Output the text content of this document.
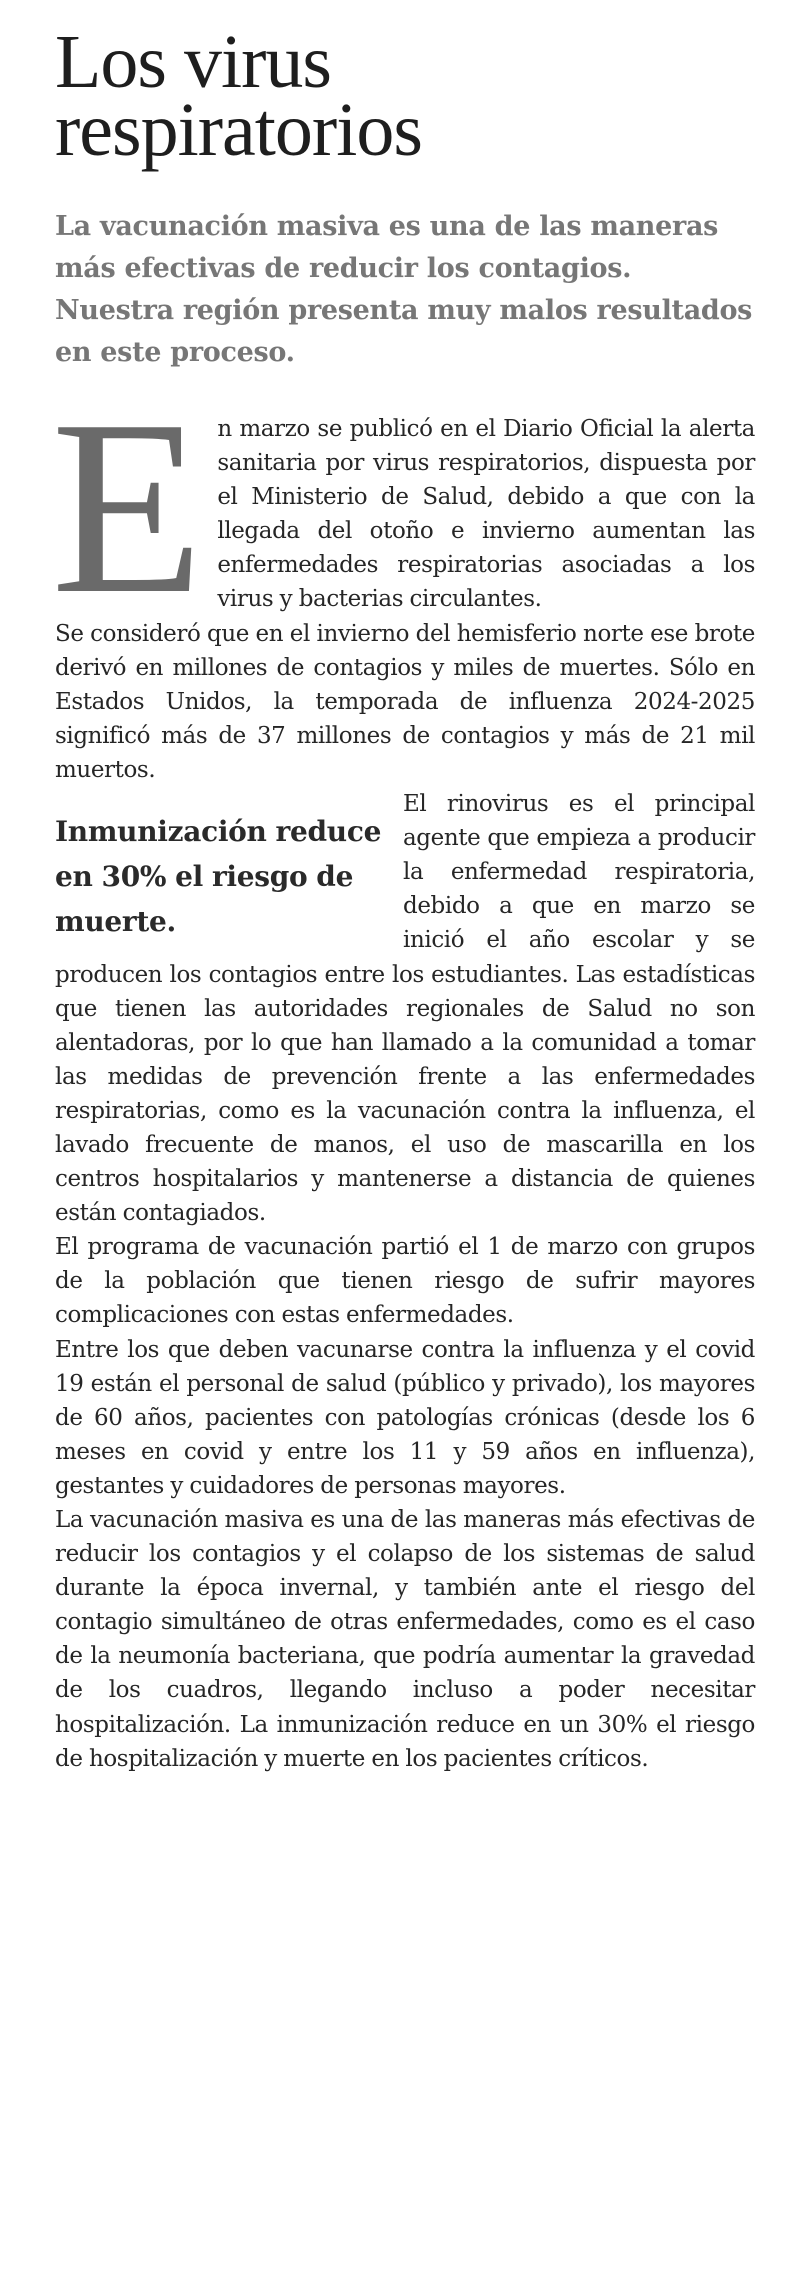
Los virus
respiratorios

La vacunación masiva es una de las maneras más efectivas de reducir los contagios. Nuestra región presenta muy malos resultados en este proceso.

E n marzo se publicó en el Diario Oficial la alerta sanitaria por virus respiratorios, dispuesta por el Ministerio de Salud, debido a que con la llegada del otoño e invierno aumentan las enfermedades respiratorias asociadas a los virus y bacterias circulantes.

Se consideró que en el invierno del hemisferio norte ese brote derivó en millones de contagios y miles de muertes. Sólo en Estados Unidos, la temporada de influenza 2024-2025 significó más de 37 millones de contagios y más de 21 mil muertos.

Inmunización reduce en 30% el riesgo de muerte.

El rinovirus es el principal agente que empieza a producir la enfermedad respiratoria, debido a que en marzo se inició el año escolar y se producen los contagios entre los estudiantes. Las estadísticas que tienen las autoridades regionales de Salud no son alentadoras, por lo que han llamado a la comunidad a tomar las medidas de prevención frente a las enfermedades respiratorias, como es la vacunación contra la influenza, el lavado frecuente de manos, el uso de mascarilla en los centros hospitalarios y mantenerse a distancia de quienes están contagiados.

El programa de vacunación partió el 1 de marzo con grupos de la población que tienen riesgo de sufrir mayores complicaciones con estas enfermedades.

Entre los que deben vacunarse contra la influenza y el covid 19 están el personal de salud (público y privado), los mayores de 60 años, pacientes con patologías crónicas (desde los 6 meses en covid y entre los 11 y 59 años en influenza), gestantes y cuidadores de personas mayores.

La vacunación masiva es una de las maneras más efectivas de reducir los contagios y el colapso de los sistemas de salud durante la época invernal, y también ante el riesgo del contagio simultáneo de otras enfermedades, como es el caso de la neumonía bacteriana, que podría aumentar la gravedad de los cuadros, llegando incluso a poder necesitar hospitalización. La inmunización reduce en un 30% el riesgo de hospitalización y muerte en los pacientes críticos.
